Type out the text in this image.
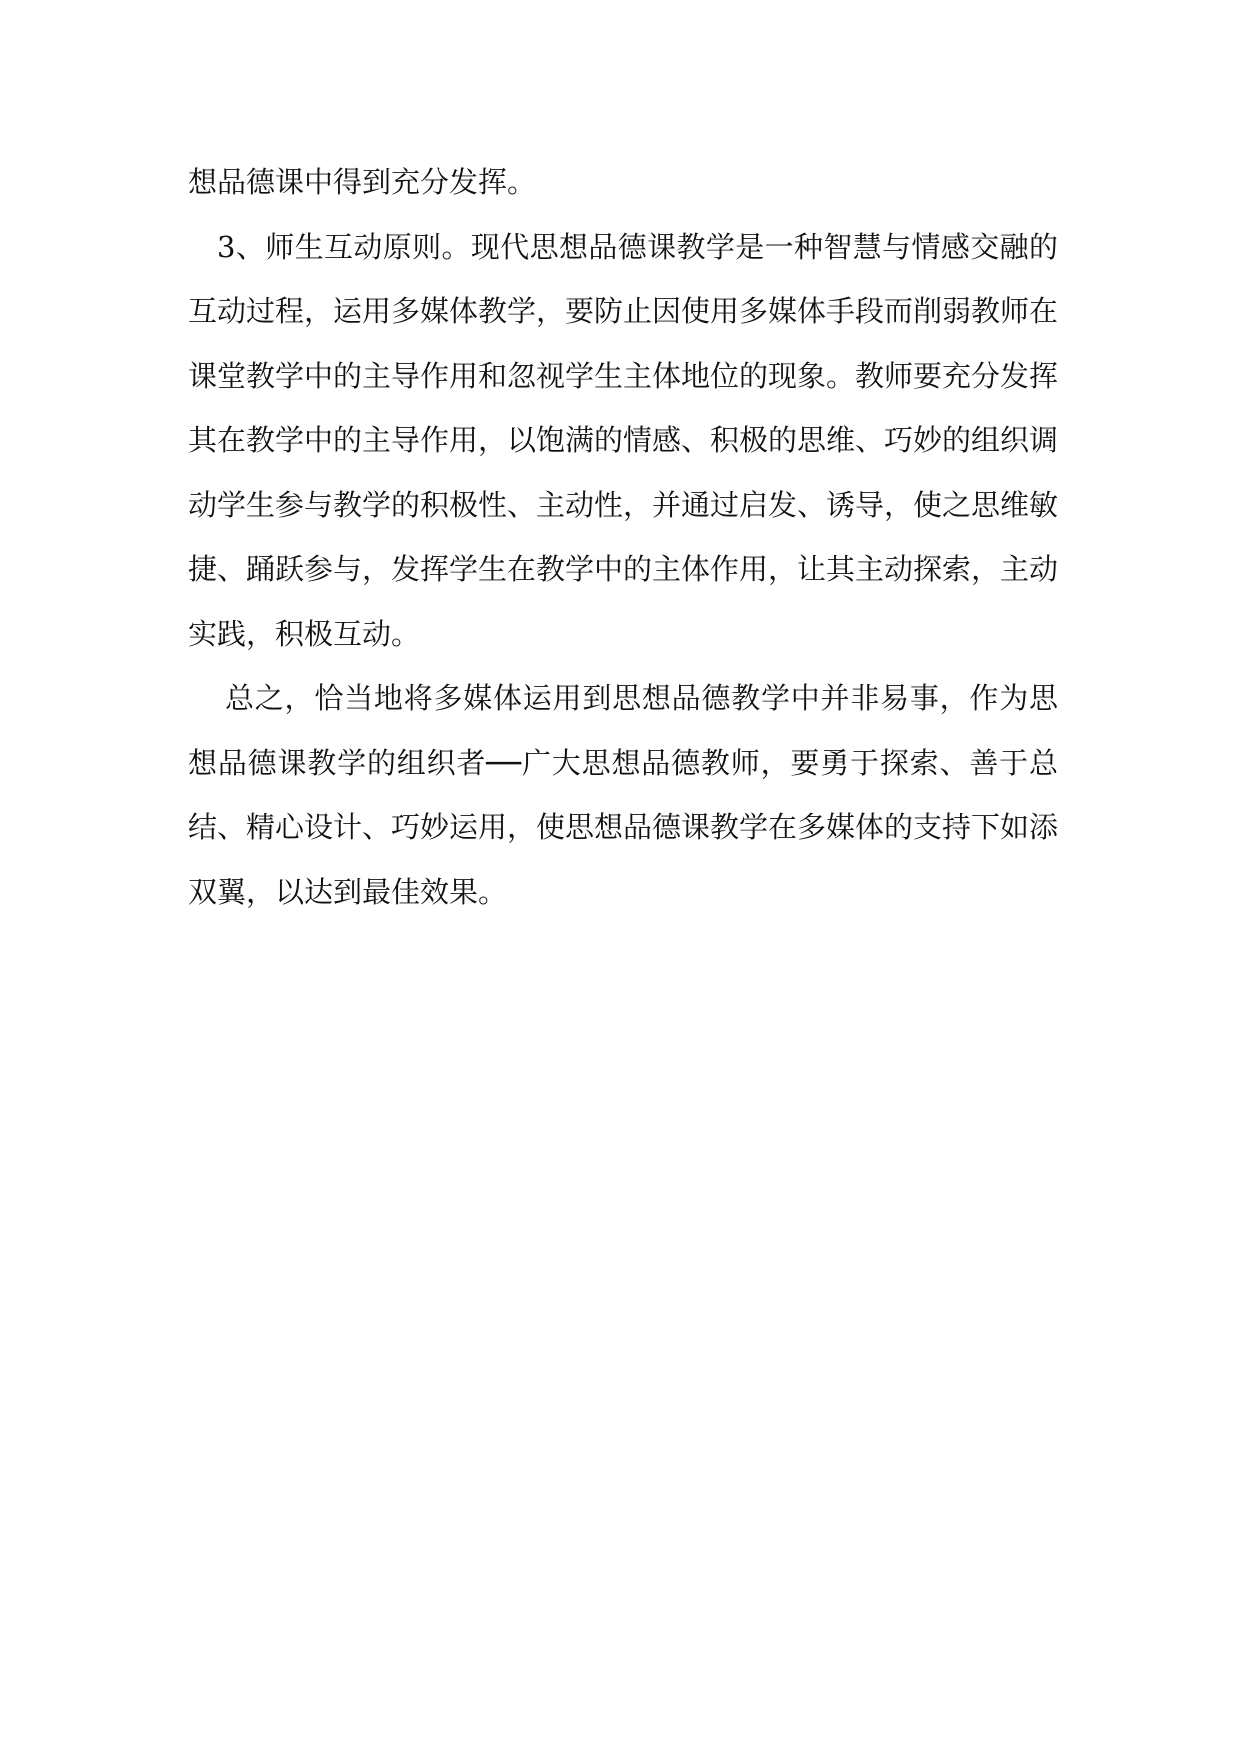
想品德课中得到充分发挥。
3、师生互动原则。现代思想品德课教学是一种智慧与情感交融的
互动过程，运用多媒体教学，要防止因使用多媒体手段而削弱教师在
课堂教学中的主导作用和忽视学生主体地位的现象。教师要充分发挥
其在教学中的主导作用，以饱满的情感、积极的思维、巧妙的组织调
动学生参与教学的积极性、主动性，并通过启发、诱导，使之思维敏
捷、踊跃参与，发挥学生在教学中的主体作用，让其主动探索，主动
实践，积极互动。
总之，恰当地将多媒体运用到思想品德教学中并非易事，作为思
想品德课教学的组织者──广大思想品德教师，要勇于探索、善于总
结、精心设计、巧妙运用，使思想品德课教学在多媒体的支持下如添
双翼，以达到最佳效果。
